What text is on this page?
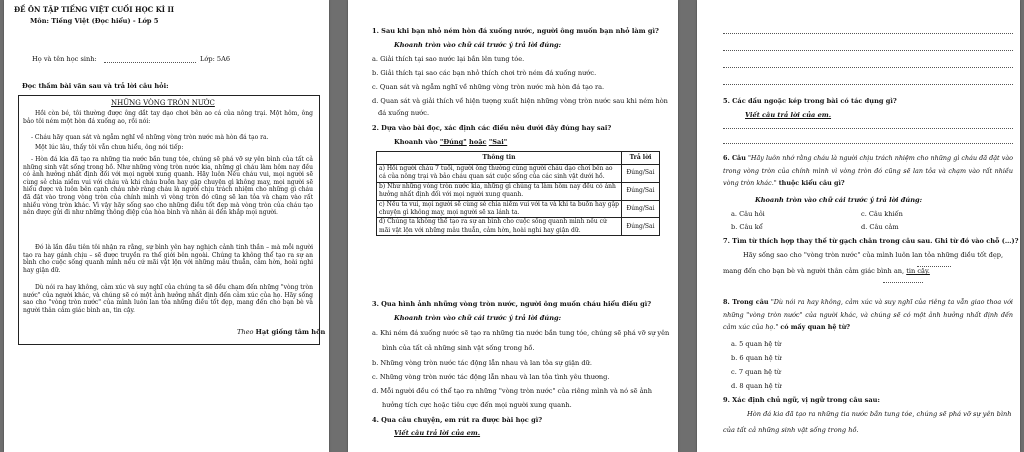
ĐỀ ÔN TẬP TIẾNG VIỆT CUỐI HỌC KÌ II
Môn: Tiếng Việt (Đọc hiểu) - Lớp 5
Họ và tên học sinh:	Lớp: 5A6
Đọc thầm bài văn sau và trả lời câu hỏi:
NHỮNG VÒNG TRÒN NƯỚC
Hồi còn bé, tôi thường được ông dắt tay dạo chơi bên ao cá của nông trại. Một hôm, ông bảo tôi ném một hòn đá xuống ao, rồi nói:
- Cháu hãy quan sát và ngẫm nghĩ về những vòng tròn nước mà hòn đá tạo ra.
Một lúc lâu, thấy tôi vẫn chưa hiểu, ông nói tiếp:
- Hòn đá kia đã tạo ra những tia nước bắn tung tóe, chúng sẽ phá vỡ sự yên bình của tất cả những sinh vật sống trong hồ. Như những vòng tròn nước kia, những gì cháu làm hôm nay đều có ảnh hưởng nhất định đối với mọi người xung quanh. Hãy luôn Nếu cháu vui, mọi người sẽ cùng sẻ chia niềm vui với cháu và khi cháu buồn hay gặp chuyện gì không may, mọi người sẽ hiểu được và luôn bên cạnh cháu nhờ ràng cháu là người chịu trách nhiệm cho những gì cháu đã đặt vào trong vòng tròn của chính mình vì vòng tròn đó cũng sẽ lan tỏa và chạm vào rất nhiều vòng tròn khác. Vì vậy hãy sống sao cho những điều tốt đẹp mà vòng tròn của cháu tạo nên được gửi đi như những thông điệp của hòa bình và nhân ái đến khắp mọi người.
Đó là lần đầu tiên tôi nhận ra rằng, sự bình yên hay nghịch cảnh tinh thần – mà mỗi người tạo ra hay gánh chịu – sẽ được truyền ra thế giới bên ngoài. Chúng ta không thể tạo ra sự an bình cho cuộc sống quanh mình nếu cứ mãi vật lộn với những mâu thuẫn, cảm hờn, hoài nghi hay giận dữ.
Dù nói ra hay không, cảm xúc và suy nghĩ của chúng ta sẽ đều chạm đến những "vòng tròn nước" của người khác, và chúng sẽ có một ảnh hưởng nhất định đến cảm xúc của họ. Hãy sống sao cho "vòng tròn nước" của mình luôn lan tỏa những điều tốt đẹp, mang đến cho bạn bè và người thân cảm giác bình an, tin cậy.
Theo Hạt giống tâm hồn
1. Sau khi bạn nhỏ ném hòn đá xuống nước, người ông muốn bạn nhỏ làm gì?
Khoanh tròn vào chữ cái trước ý trả lời đúng:
a. Giải thích tại sao nước lại bắn lên tung tóe.
b. Giải thích tại sao các bạn nhỏ thích chơi trò ném đá xuống nước.
c. Quan sát và ngẫm nghĩ về những vòng tròn nước mà hòn đá tạo ra.
d. Quan sát và giải thích về hiện tượng xuất hiện những vòng tròn nước sau khi ném hòn
đá xuống nước.
2. Dựa vào bài đọc, xác định các điều nêu dưới đây đúng hay sai?
Khoanh vào "Đúng" hoặc "Sai"
Thông tin	Trả lời
a) Hồi người cháu 7 tuổi, người ông thường cùng người cháu dạo chơi bên ao cá của nông trại và bảo cháu quan sát cuộc sống của các sinh vật dưới hồ.	Đúng/Sai
b) Như những vòng tròn nước kia, những gì chúng ta làm hôm nay đều có ảnh hưởng nhất định đối với mọi người xung quanh.	Đúng/Sai
c) Nếu ta vui, mọi người sẽ cùng sẻ chia niềm vui với ta và khi ta buồn hay gặp chuyện gì không may, mọi người sẽ xa lánh ta.	Đúng/Sai
d) Chúng ta không thể tạo ra sự an bình cho cuộc sống quanh mình nếu cứ mãi vật lộn với những mâu thuẫn, cảm hờn, hoài nghi hay giận dữ.	Đúng/Sai
3. Qua hình ảnh những vòng tròn nước, người ông muốn cháu hiểu điều gì?
Khoanh tròn vào chữ cái trước ý trả lời đúng:
a. Khi ném đá xuống nước sẽ tạo ra những tia nước bắn tung tóe, chúng sẽ phá vỡ sự yên
bình của tất cả những sinh vật sống trong hồ.
b. Những vòng tròn nước tác động lẫn nhau và lan tỏa sự giận dữ.
c. Những vòng tròn nước tác động lẫn nhau và lan tỏa tình yêu thương.
d. Mỗi người đều có thể tạo ra những "vòng tròn nước" của riêng mình và nó sẽ ảnh
hưởng tích cực hoặc tiêu cực đến mọi người xung quanh.
4. Qua câu chuyện, em rút ra được bài học gì?
Viết câu trả lời của em.
5. Các dấu ngoặc kép trong bài có tác dụng gì?
Viết câu trả lời của em.
6. Câu "Hãy luôn nhớ rằng cháu là người chịu trách nhiệm cho những gì cháu đã đặt vào trong vòng tròn của chính mình vì vòng tròn đó cũng sẽ lan tỏa và chạm vào rất nhiều vòng tròn khác." thuộc kiểu câu gì?
Khoanh tròn vào chữ cái trước ý trả lời đúng:
a. Câu hỏi	c. Câu khiến
b. Câu kể	d. Câu cảm
7. Tìm từ thích hợp thay thế từ gạch chân trong câu sau. Ghi từ đó vào chỗ (…)?
Hãy sống sao cho "vòng tròn nước" của mình luôn lan tỏa những điều tốt đẹp,
mang đến cho bạn bè và người thân cảm giác bình an, tin cậy.
8. Trong câu "Dù nói ra hay không, cảm xúc và suy nghĩ của riêng ta vẫn giao thoa với những "vòng tròn nước" của người khác, và chúng sẽ có một ảnh hưởng nhất định đến cảm xúc của họ." có mấy quan hệ từ?
a. 5 quan hệ từ
b. 6 quan hệ từ
c. 7 quan hệ từ
d. 8 quan hệ từ
9. Xác định chủ ngữ, vị ngữ trong câu sau:
Hòn đá kia đã tạo ra những tia nước bắn tung tóe, chúng sẽ phá vỡ sự yên bình
của tất cả những sinh vật sống trong hồ.
